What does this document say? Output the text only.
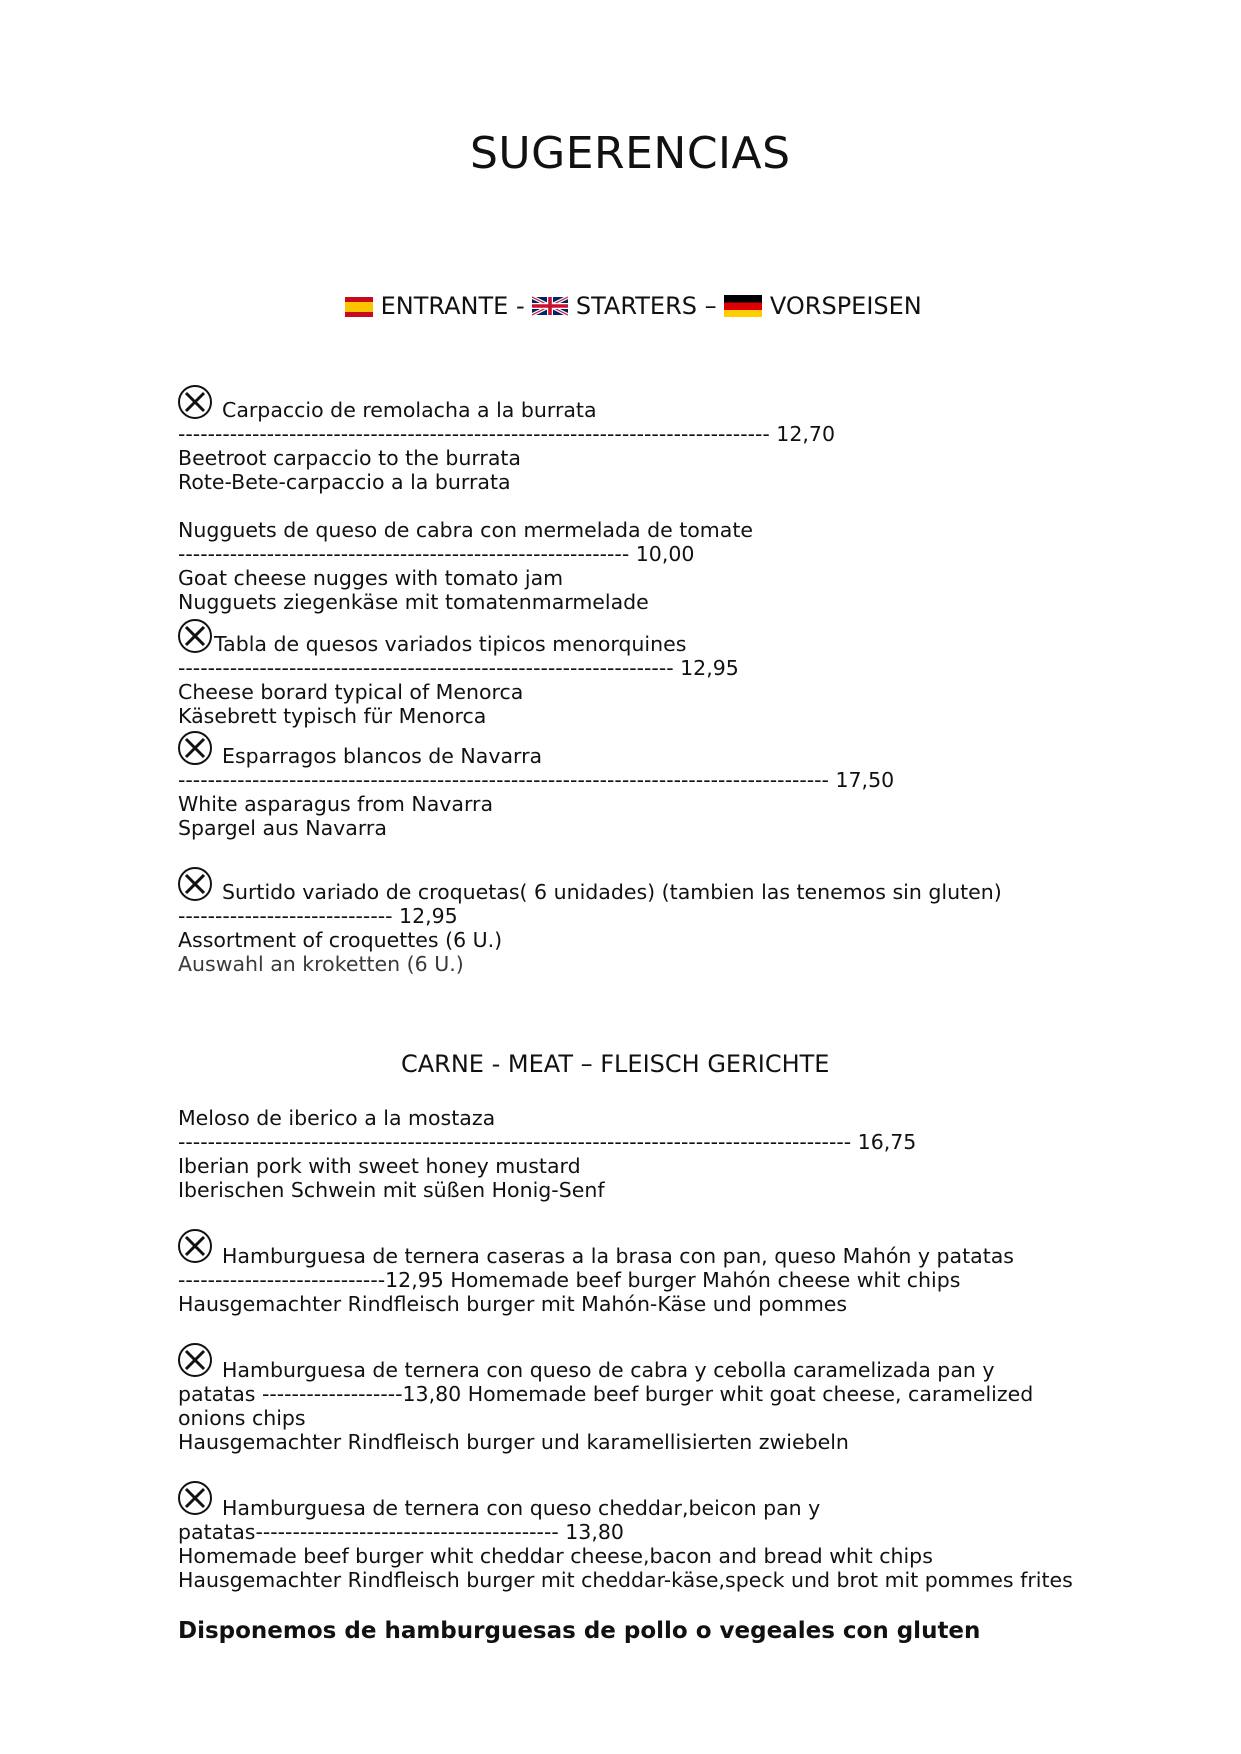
SUGERENCIAS
ENTRANTE -  STARTERS –  VORSPEISEN
Carpaccio de remolacha a la burrata
-------------------------------------------------------------------------------- 12,70
Beetroot carpaccio to the burrata
Rote-Bete-carpaccio a la burrata
Nugguets de queso de cabra con mermelada de tomate
------------------------------------------------------------- 10,00
Goat cheese nugges with tomato jam
Nugguets ziegenkäse mit tomatenmarmelade
Tabla de quesos variados tipicos menorquines
------------------------------------------------------------------- 12,95
Cheese borard typical of Menorca
Käsebrett typisch für Menorca
Esparragos blancos de Navarra
---------------------------------------------------------------------------------------- 17,50
White asparagus from Navarra
Spargel aus Navarra
Surtido variado de croquetas( 6 unidades) (tambien las tenemos sin gluten)
----------------------------- 12,95
Assortment of croquettes (6 U.)
Auswahl an kroketten (6 U.)
CARNE - MEAT – FLEISCH GERICHTE
Meloso de iberico a la mostaza
------------------------------------------------------------------------------------------- 16,75
Iberian pork with sweet honey mustard
Iberischen Schwein mit süßen Honig-Senf
Hamburguesa de ternera caseras a la brasa con pan, queso Mahón y patatas
----------------------------12,95 Homemade beef burger Mahón cheese whit chips
Hausgemachter Rindfleisch burger mit Mahón-Käse und pommes
Hamburguesa de ternera con queso de cabra y cebolla caramelizada pan y
patatas -------------------13,80 Homemade beef burger whit goat cheese, caramelized
onions chips
Hausgemachter Rindfleisch burger und karamellisierten zwiebeln
Hamburguesa de ternera con queso cheddar,beicon pan y
patatas----------------------------------------- 13,80
Homemade beef burger whit cheddar cheese,bacon and bread whit chips
Hausgemachter Rindfleisch burger mit cheddar-käse,speck und brot mit pommes frites
Disponemos de hamburguesas de pollo o vegeales con gluten
